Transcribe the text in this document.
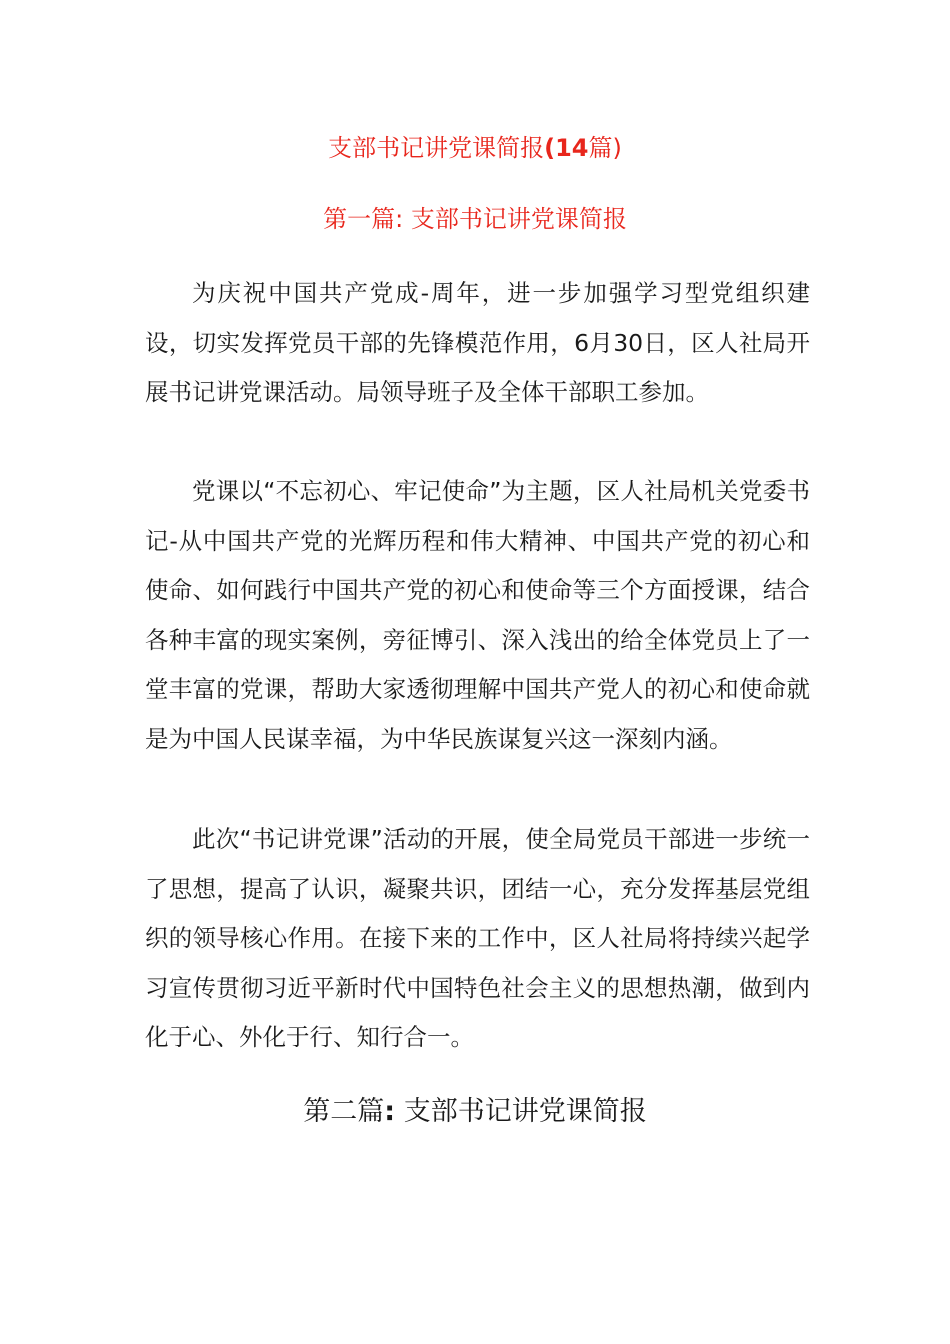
支部书记讲党课简报(14篇)
第一篇: 支部书记讲党课简报

为庆祝中国共产党成-周年，进一步加强学习型党组织建设，切实发挥党员干部的先锋模范作用，6月30日，区人社局开展书记讲党课活动。局领导班子及全体干部职工参加。

党课以“不忘初心、牢记使命”为主题，区人社局机关党委书记-从中国共产党的光辉历程和伟大精神、中国共产党的初心和使命、如何践行中国共产党的初心和使命等三个方面授课，结合各种丰富的现实案例，旁征博引、深入浅出的给全体党员上了一堂丰富的党课，帮助大家透彻理解中国共产党人的初心和使命就是为中国人民谋幸福，为中华民族谋复兴这一深刻内涵。

此次“书记讲党课”活动的开展，使全局党员干部进一步统一了思想，提高了认识，凝聚共识，团结一心，充分发挥基层党组织的领导核心作用。在接下来的工作中，区人社局将持续兴起学习宣传贯彻习近平新时代中国特色社会主义的思想热潮，做到内化于心、外化于行、知行合一。

第二篇: 支部书记讲党课简报
